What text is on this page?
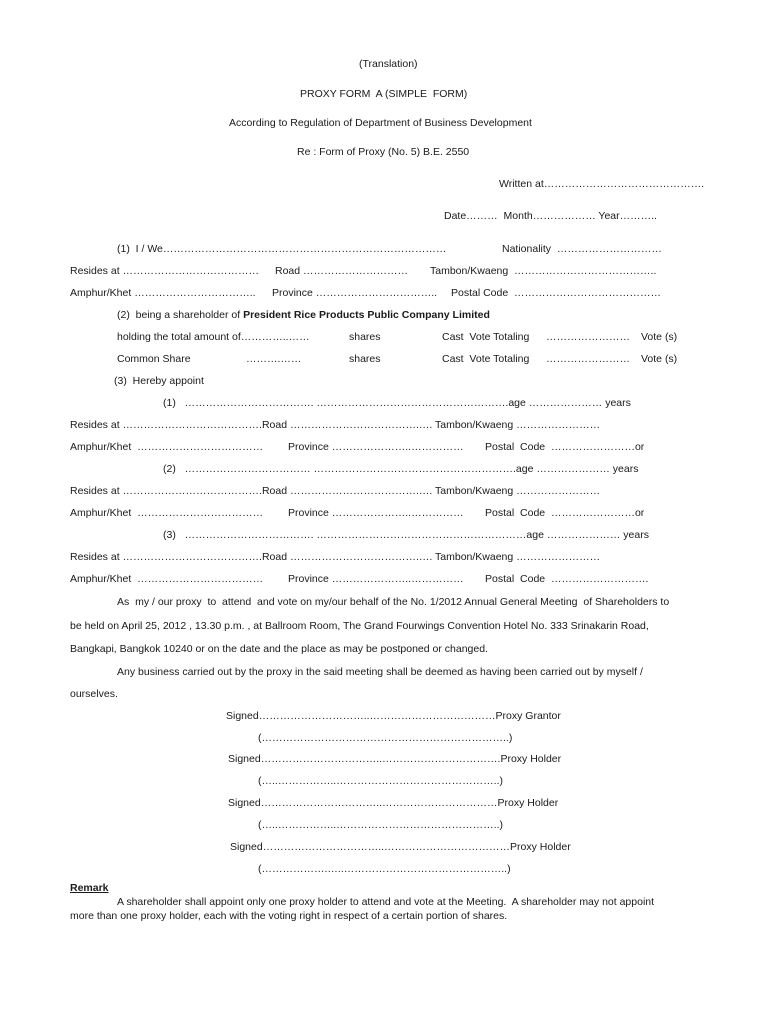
(Translation)
PROXY FORM  A (SIMPLE  FORM)
According to Regulation of Department of Business Development
Re : Form of Proxy (No. 5) B.E. 2550
Written at……………………………………….
Date………  Month……………… Year………..
(1)  I / We………………………………………………………………………	Nationality  …………………………
Resides at ………………………………… Road ………………………… Tambon/Kwaeng  …………………………………..
Amphur/Khet …………………………….. Province …………………………….. Postal Code  ……………………………………
(2)  being a shareholder of President Rice Products Public Company Limited
holding the total amount of…………..……	shares	Cast  Vote Totaling …………………… Vote (s)
Common Share	……….……	shares	Cast  Vote Totaling …………………… Vote (s)
(3)  Hereby appoint
(1)   ………………………………. ……………………………………………….age ………………… years
Resides at ………………………………….Road ……………………………….…. Tambon/Kwaeng ……………………
Amphur/Khet  ……………………………… Province …………………..…………… Postal  Code  ……………………or
(2)   ……………………………… ………………………………………………….age ………………… years
Resides at ………………………………….Road ……………………………….…. Tambon/Kwaeng ……………………
Amphur/Khet  ……………………………… Province …………………..…………… Postal  Code  ……………………or
(3)   ………………………………. ……………………………………………………age ………………… years
Resides at ………………………………….Road ……………………………….…. Tambon/Kwaeng ……………………
Amphur/Khet  ……………………………… Province …………………..…………… Postal  Code  ……………………….
As  my / our proxy  to  attend  and vote on my/our behalf of the No. 1/2012 Annual General Meeting  of Shareholders to
be held on April 25, 2012 , 13.30 p.m. , at Ballroom Room, The Grand Fourwings Convention Hotel No. 333 Srinakarin Road,
Bangkapi, Bangkok 10240 or on the date and the place as may be postponed or changed.
Any business carried out by the proxy in the said meeting shall be deemed as having been carried out by myself /
ourselves.
Signed…………………………..………………………………Proxy Grantor
(……………………………………………………………..)
Signed……………………………..…………………………….Proxy Holder
(…..……………..………………………………………..)
Signed……………………………..……………………………Proxy Holder
(…..……………..………………………………………..)
Signed……………………………..………………………………Proxy Holder
(……………….…..………………………………………..)
Remark
A shareholder shall appoint only one proxy holder to attend and vote at the Meeting.  A shareholder may not appoint
more than one proxy holder, each with the voting right in respect of a certain portion of shares.
